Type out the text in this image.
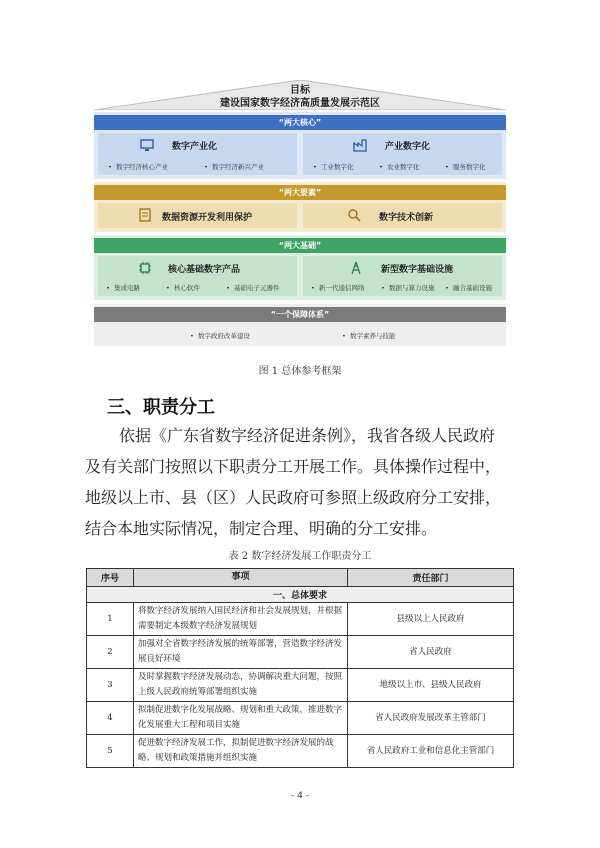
目标
建设国家数字经济高质量发展示范区
“两大核心”
数字产业化
•  数字经济核心产业	•  数字经济新兴产业
产业数字化
•  工业数字化	•  农业数字化	•  服务数字化
“两大要素”
数据资源开发利用保护	数字技术创新
“两大基础”
核心基础数字产品
•  集成电路	•  核心软件	•  基础电子元器件
新型数字基础设施
•  新一代通信网络	•  数据与算力设施 •  融合基础设施
“一个保障体系”
•  数字政府改革建设	•  数字素养与技能
图 1 总体参考框架
三、职责分工
依据《广东省数字经济促进条例》，我省各级人民政府
及有关部门按照以下职责分工开展工作。具体操作过程中，
地级以上市、县（区）人民政府可参照上级政府分工安排，
结合本地实际情况，制定合理、明确的分工安排。
表 2 数字经济发展工作职责分工
序号	事项	责任部门
一、总体要求		
1	将数字经济发展纳入国民经济和社会发展规划，并根据需要制定本级数字经济发展规划	县级以上人民政府
2	加强对全省数字经济发展的统筹部署，营造数字经济发展良好环境	省人民政府
3	及时掌握数字经济发展动态，协调解决重大问题，按照上级人民政府统筹部署组织实施	地级以上市、县级人民政府
4	拟制促进数字化发展战略、规划和重大政策，推进数字化发展重大工程和项目实施	省人民政府发展改革主管部门
5	促进数字经济发展工作，拟制促进数字经济发展的战略、规划和政策措施并组织实施	省人民政府工业和信息化主管部门
- 4 -
